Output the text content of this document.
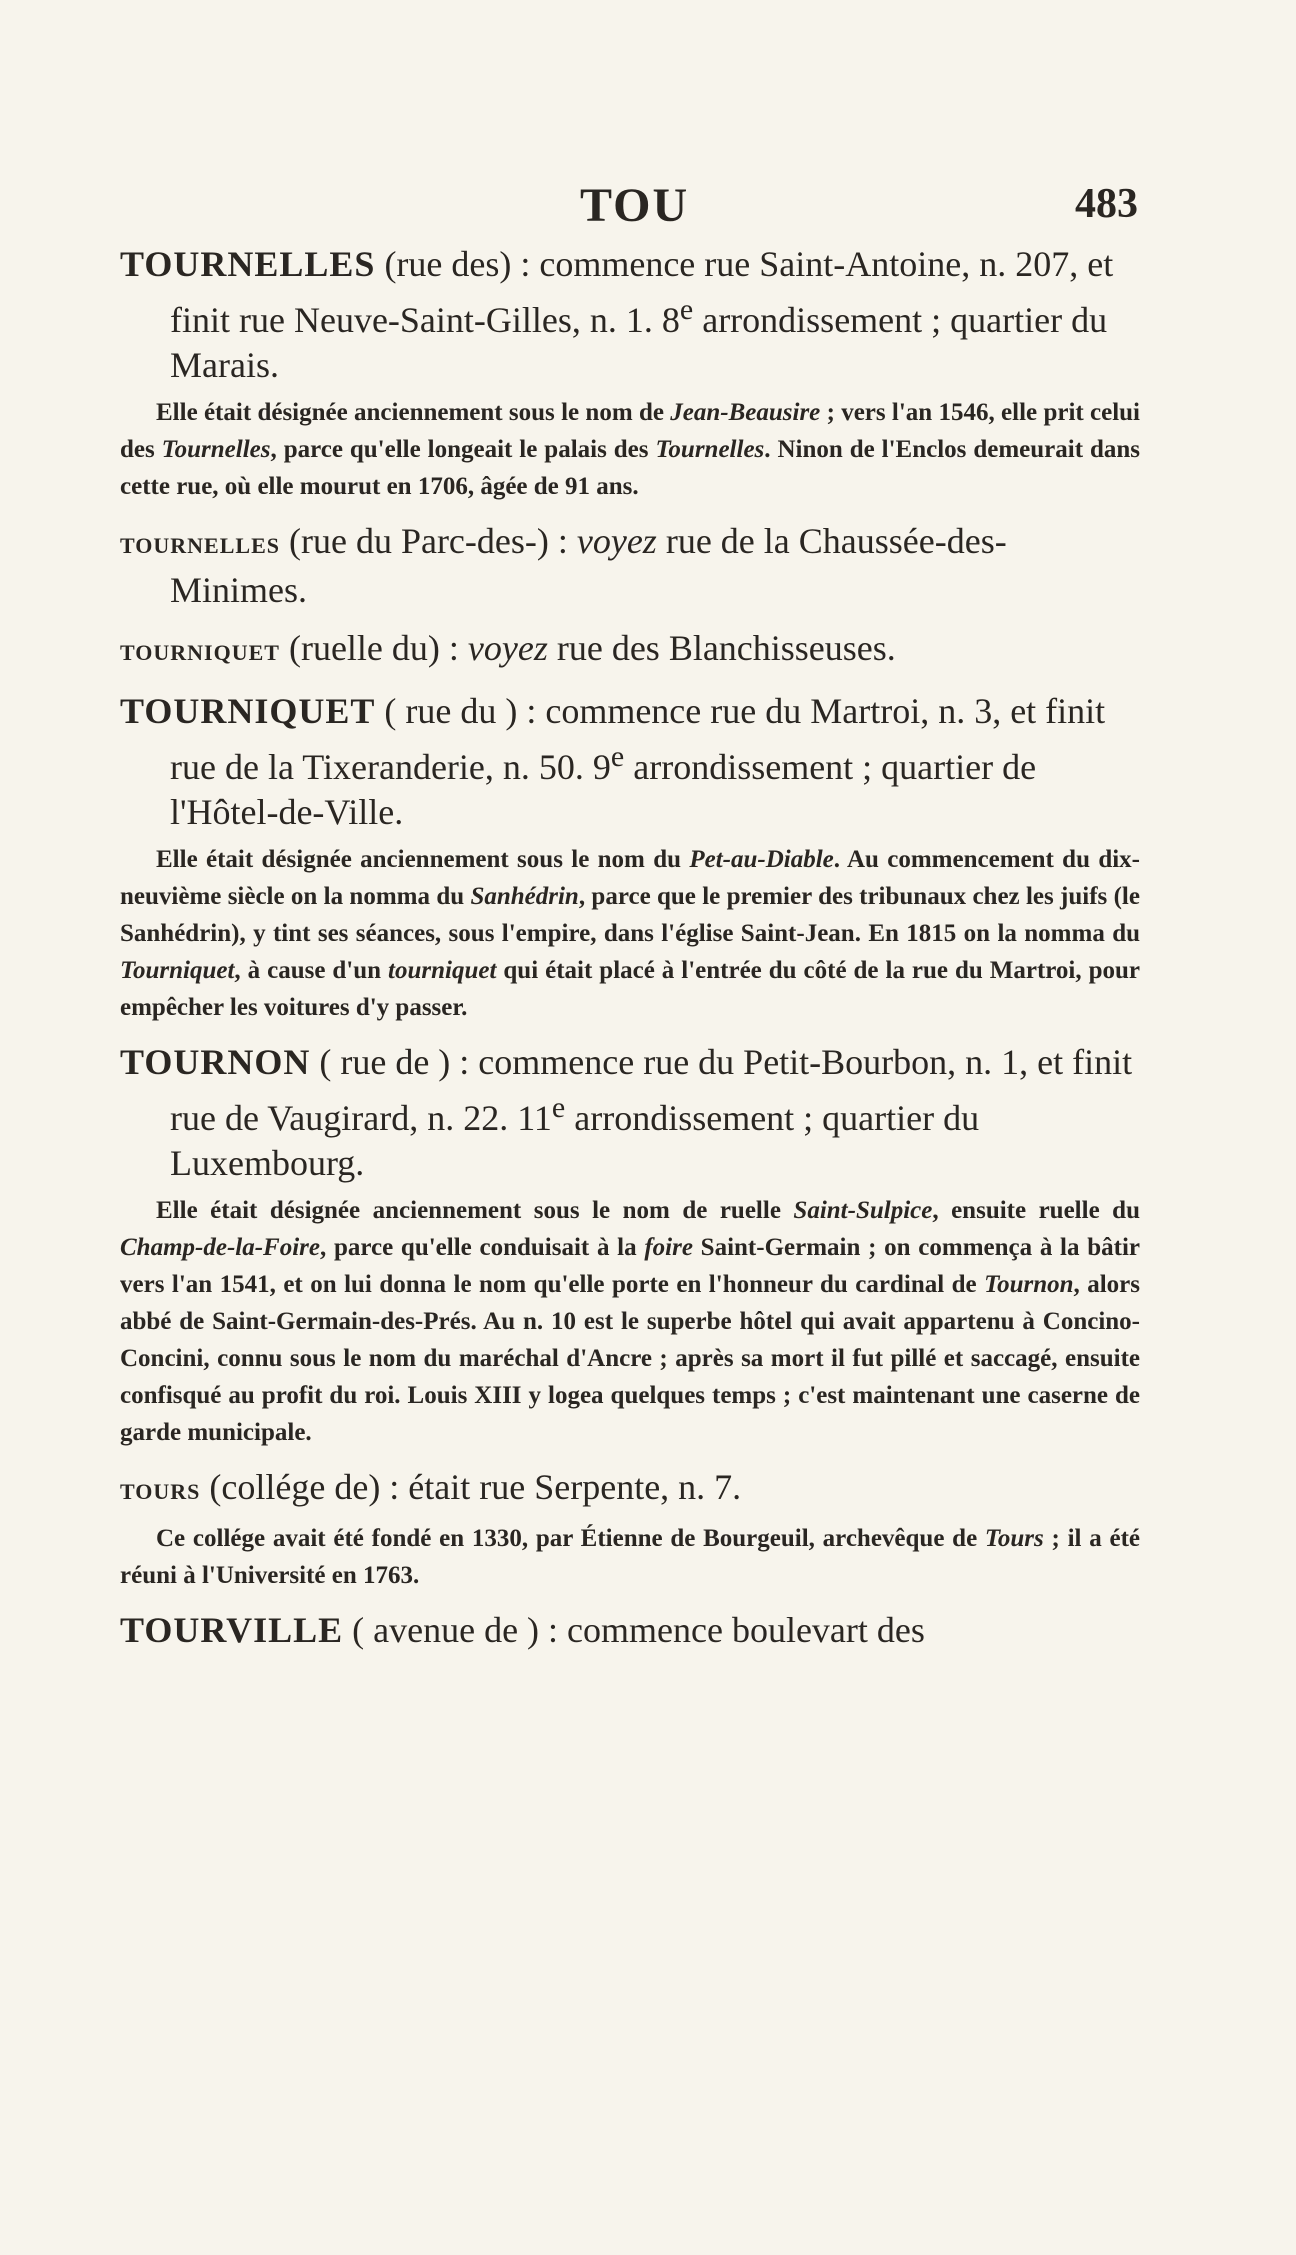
TOU	483

TOURNELLES (rue des) : commence rue Saint-Antoine, n. 207, et finit rue Neuve-Saint-Gilles, n. 1. 8e arrondissement ; quartier du Marais.

Elle était désignée anciennement sous le nom de Jean-Beausire ; vers l'an 1546, elle prit celui des Tournelles, parce qu'elle longeait le palais des Tournelles. Ninon de l'Enclos demeurait dans cette rue, où elle mourut en 1706, âgée de 91 ans.

TOURNELLES (rue du Parc-des-) : voyez rue de la Chaussée-des-Minimes.

TOURNIQUET (ruelle du) : voyez rue des Blanchisseuses.

TOURNIQUET ( rue du ) : commence rue du Martroi, n. 3, et finit rue de la Tixeranderie, n. 50. 9e arrondissement ; quartier de l'Hôtel-de-Ville.

Elle était désignée anciennement sous le nom du Pet-au-Diable. Au commencement du dix-neuvième siècle on la nomma du Sanhédrin, parce que le premier des tribunaux chez les juifs (le Sanhédrin), y tint ses séances, sous l'empire, dans l'église Saint-Jean. En 1815 on la nomma du Tourniquet, à cause d'un tourniquet qui était placé à l'entrée du côté de la rue du Martroi, pour empêcher les voitures d'y passer.

TOURNON ( rue de ) : commence rue du Petit-Bourbon, n. 1, et finit rue de Vaugirard, n. 22. 11e arrondissement ; quartier du Luxembourg.

Elle était désignée anciennement sous le nom de ruelle Saint-Sulpice, ensuite ruelle du Champ-de-la-Foire, parce qu'elle conduisait à la foire Saint-Germain ; on commença à la bâtir vers l'an 1541, et on lui donna le nom qu'elle porte en l'honneur du cardinal de Tournon, alors abbé de Saint-Germain-des-Prés. Au n. 10 est le superbe hôtel qui avait appartenu à Concino-Concini, connu sous le nom du maréchal d'Ancre ; après sa mort il fut pillé et saccagé, ensuite confisqué au profit du roi. Louis XIII y logea quelques temps ; c'est maintenant une caserne de garde municipale.

TOURS (collége de) : était rue Serpente, n. 7.

Ce collége avait été fondé en 1330, par Étienne de Bourgeuil, archevêque de Tours ; il a été réuni à l'Université en 1763.

TOURVILLE ( avenue de ) : commence boulevart des
